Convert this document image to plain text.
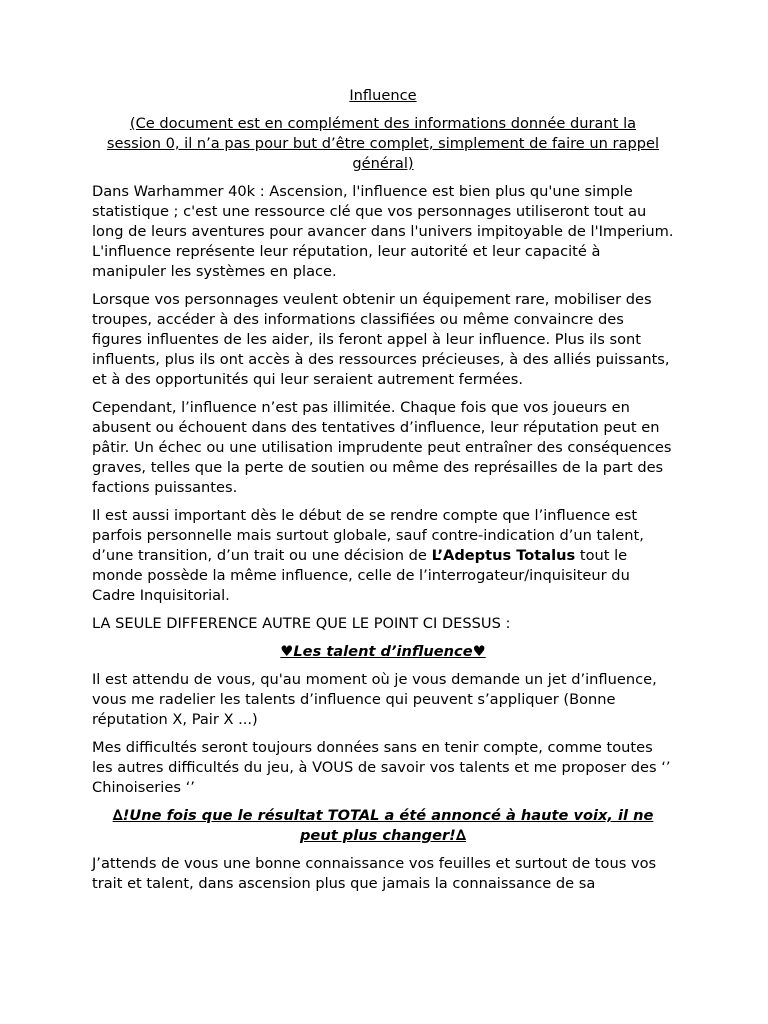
Influence
(Ce document est en complément des informations donnée durant la session 0, il n’a pas pour but d’être complet, simplement de faire un rappel général)

Dans Warhammer 40k : Ascension, l'influence est bien plus qu'une simple statistique ; c'est une ressource clé que vos personnages utiliseront tout au long de leurs aventures pour avancer dans l'univers impitoyable de l'Imperium. L'influence représente leur réputation, leur autorité et leur capacité à manipuler les systèmes en place.

Lorsque vos personnages veulent obtenir un équipement rare, mobiliser des troupes, accéder à des informations classifiées ou même convaincre des figures influentes de les aider, ils feront appel à leur influence. Plus ils sont influents, plus ils ont accès à des ressources précieuses, à des alliés puissants, et à des opportunités qui leur seraient autrement fermées.

Cependant, l’influence n’est pas illimitée. Chaque fois que vos joueurs en abusent ou échouent dans des tentatives d’influence, leur réputation peut en pâtir. Un échec ou une utilisation imprudente peut entraîner des conséquences graves, telles que la perte de soutien ou même des représailles de la part des factions puissantes.

Il est aussi important dès le début de se rendre compte que l’influence est parfois personnelle mais surtout globale, sauf contre-indication d’un talent, d’une transition, d’un trait ou une décision de L’Adeptus Totalus tout le monde possède la même influence, celle de l’interrogateur/inquisiteur du Cadre Inquisitorial.

LA SEULE DIFFERENCE AUTRE QUE LE POINT CI DESSUS :

♥Les talent d’influence♥

Il est attendu de vous, qu'au moment où je vous demande un jet d’influence, vous me radelier les talents d’influence qui peuvent s’appliquer (Bonne réputation X, Pair X ...)

Mes difficultés seront toujours données sans en tenir compte, comme toutes les autres difficultés du jeu, à VOUS de savoir vos talents et me proposer des ‘’ Chinoiseries ‘’

∆!Une fois que le résultat TOTAL a été annoncé à haute voix, il ne peut plus changer!∆

J’attends de vous une bonne connaissance vos feuilles et surtout de tous vos trait et talent, dans ascension plus que jamais la connaissance de sa
